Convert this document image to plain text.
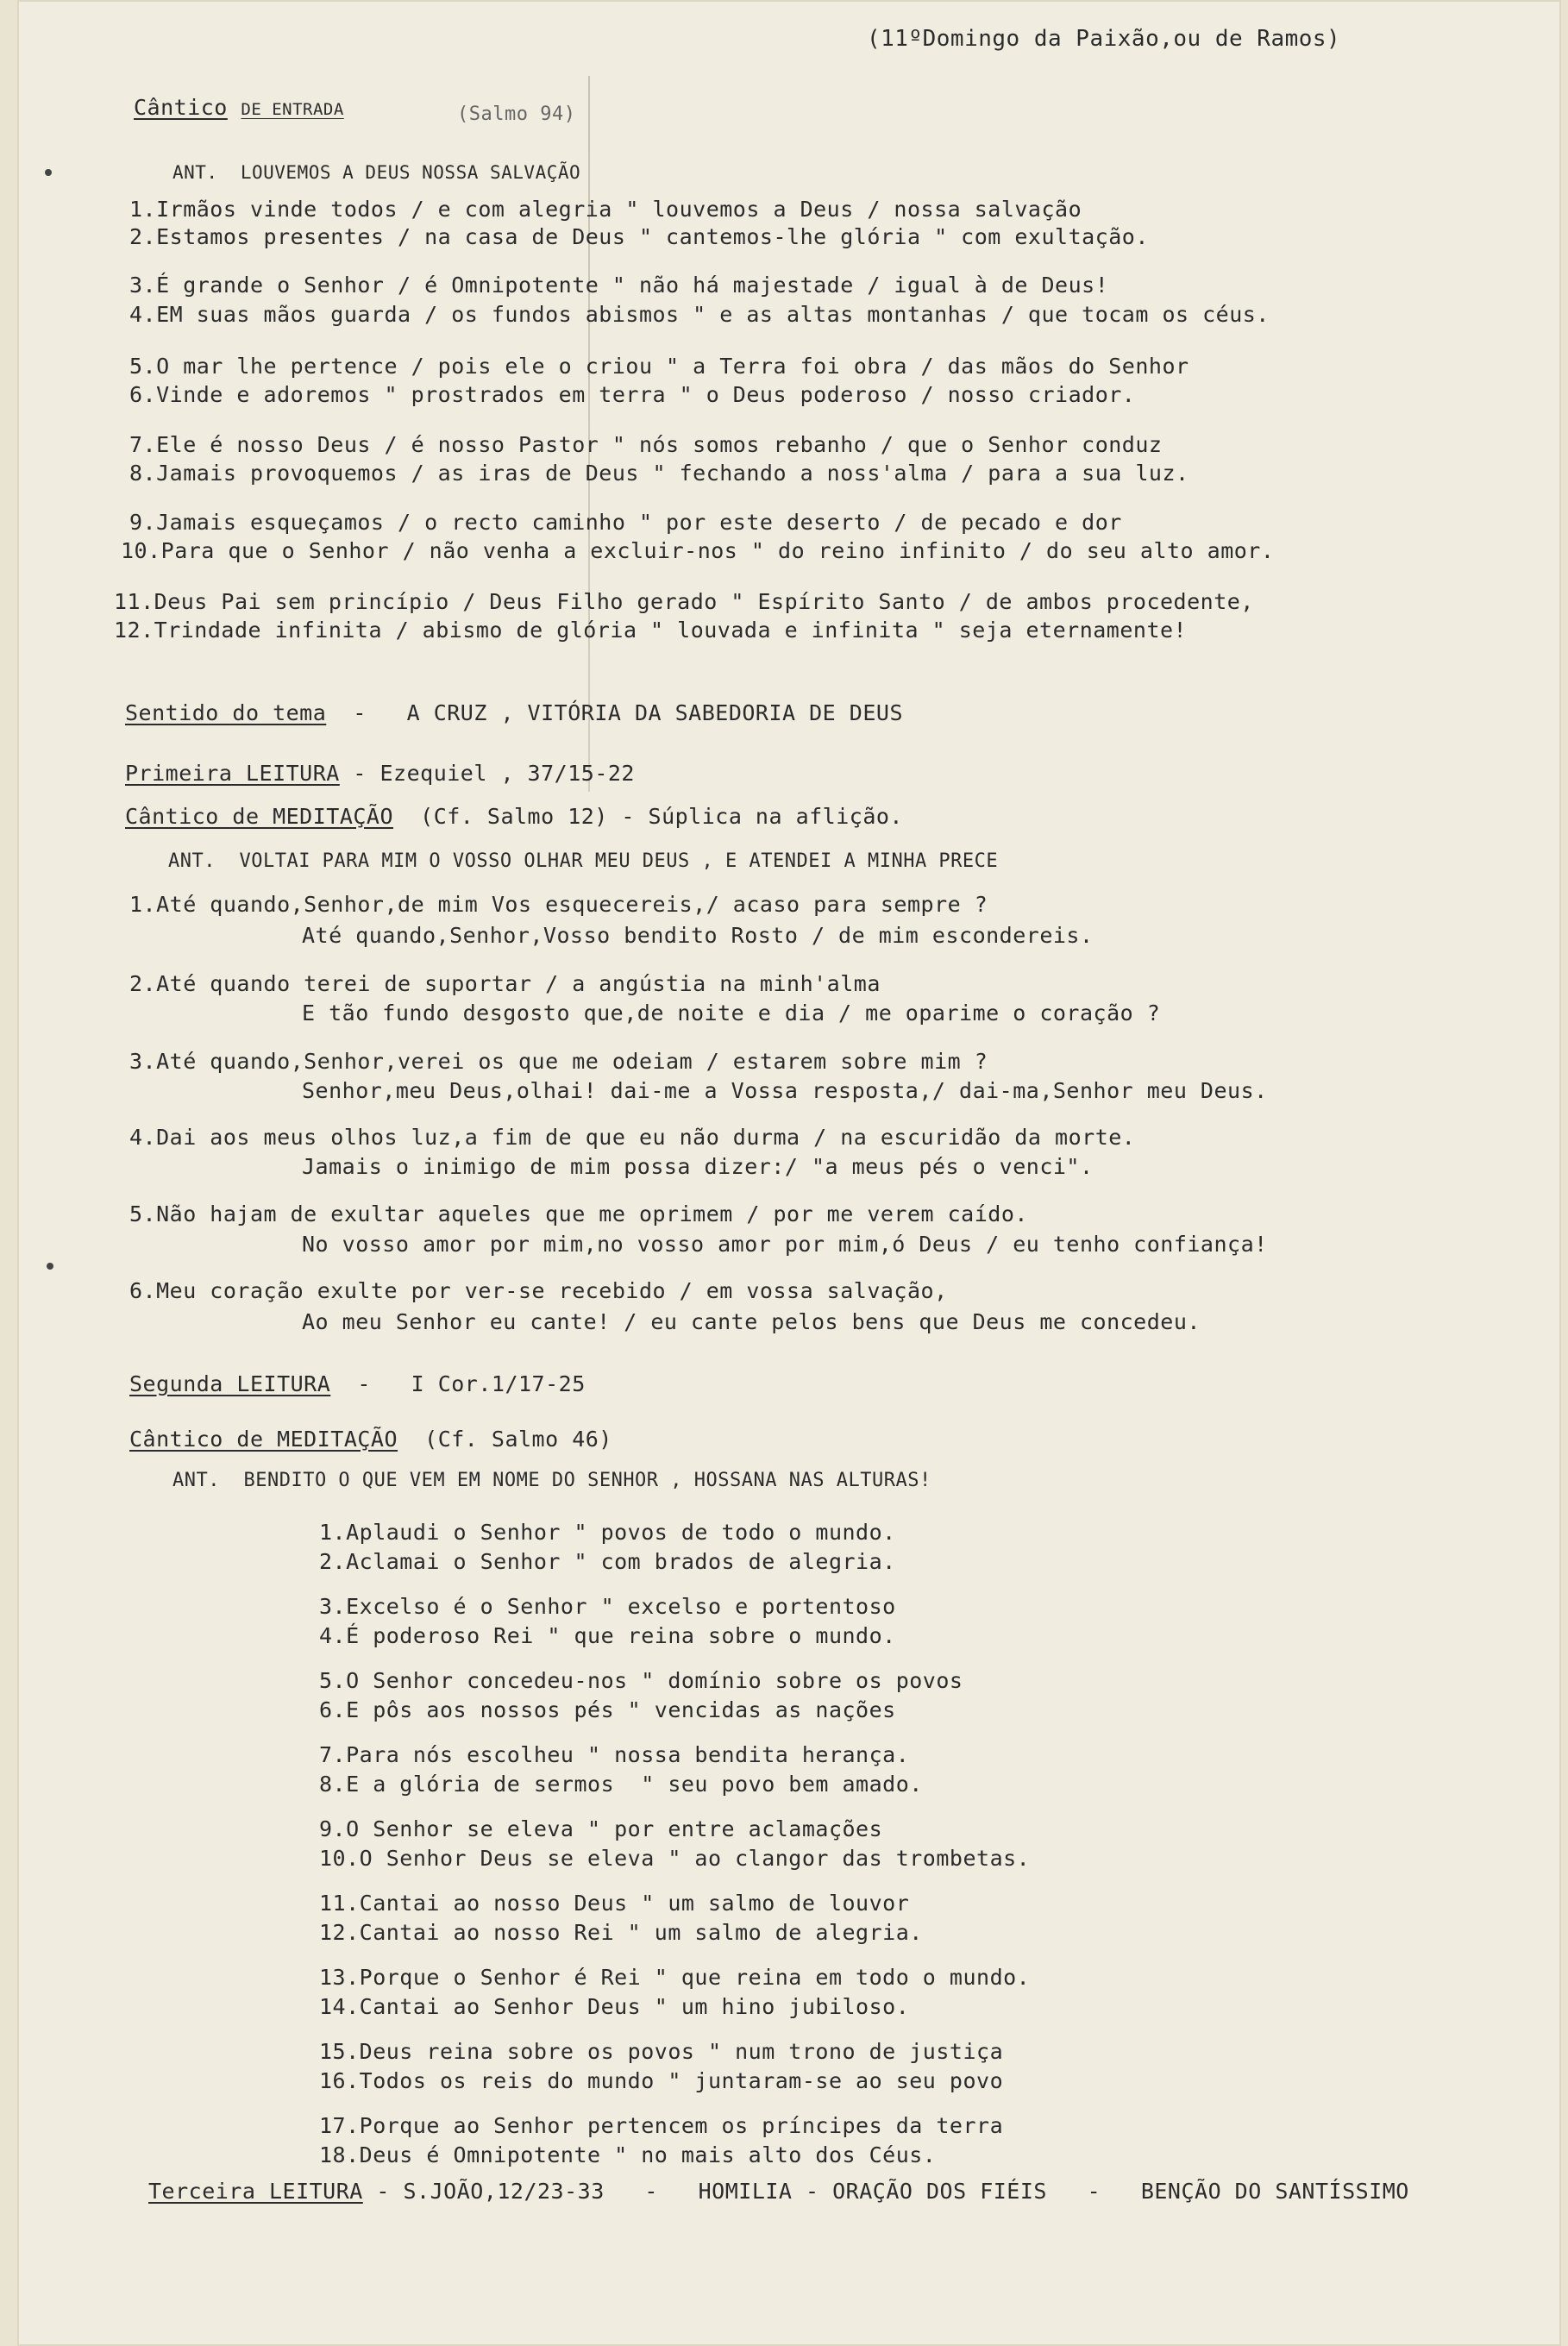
(11ºDomingo da Paixão,ou de Ramos)
Cântico DE ENTRADA	(Salmo 94)
ANT.  LOUVEMOS A DEUS NOSSA SALVAÇÃO
1.Irmãos vinde todos / e com alegria " louvemos a Deus / nossa salvação
2.Estamos presentes / na casa de Deus " cantemos-lhe glória " com exultação.
3.É grande o Senhor / é Omnipotente " não há majestade / igual à de Deus!
4.EM suas mãos guarda / os fundos abismos " e as altas montanhas / que tocam os céus.
5.O mar lhe pertence / pois ele o criou " a Terra foi obra / das mãos do Senhor
6.Vinde e adoremos " prostrados em terra " o Deus poderoso / nosso criador.
7.Ele é nosso Deus / é nosso Pastor " nós somos rebanho / que o Senhor conduz
8.Jamais provoquemos / as iras de Deus " fechando a noss'alma / para a sua luz.
9.Jamais esqueçamos / o recto caminho " por este deserto / de pecado e dor
10.Para que o Senhor / não venha a excluir-nos " do reino infinito / do seu alto amor.
11.Deus Pai sem princípio / Deus Filho gerado " Espírito Santo / de ambos procedente,
12.Trindade infinita / abismo de glória " louvada e infinita " seja eternamente!
Sentido do tema -   A CRUZ , VITÓRIA DA SABEDORIA DE DEUS
Primeira LEITURA - Ezequiel , 37/15-22
Cântico de MEDITAÇÃO (Cf. Salmo 12) - Súplica na aflição.
ANT.  VOLTAI PARA MIM O VOSSO OLHAR MEU DEUS , E ATENDEI A MINHA PRECE
1.Até quando,Senhor,de mim Vos esquecereis,/ acaso para sempre ?
Até quando,Senhor,Vosso bendito Rosto / de mim escondereis.
2.Até quando terei de suportar / a angústia na minh'alma
E tão fundo desgosto que,de noite e dia / me oparime o coração ?
3.Até quando,Senhor,verei os que me odeiam / estarem sobre mim ?
Senhor,meu Deus,olhai! dai-me a Vossa resposta,/ dai-ma,Senhor meu Deus.
4.Dai aos meus olhos luz,a fim de que eu não durma / na escuridão da morte.
Jamais o inimigo de mim possa dizer:/ "a meus pés o venci".
5.Não hajam de exultar aqueles que me oprimem / por me verem caído.
No vosso amor por mim,no vosso amor por mim,ó Deus / eu tenho confiança!
6.Meu coração exulte por ver-se recebido / em vossa salvação,
Ao meu Senhor eu cante! / eu cante pelos bens que Deus me concedeu.
Segunda LEITURA -   I Cor.1/17-25
Cântico de MEDITAÇÃO (Cf. Salmo 46)
ANT.  BENDITO O QUE VEM EM NOME DO SENHOR , HOSSANA NAS ALTURAS!
1.Aplaudi o Senhor " povos de todo o mundo.
2.Aclamai o Senhor " com brados de alegria.
3.Excelso é o Senhor " excelso e portentoso
4.É poderoso Rei " que reina sobre o mundo.
5.O Senhor concedeu-nos " domínio sobre os povos
6.E pôs aos nossos pés " vencidas as nações
7.Para nós escolheu " nossa bendita herança.
8.E a glória de sermos  " seu povo bem amado.
9.O Senhor se eleva " por entre aclamações
10.O Senhor Deus se eleva " ao clangor das trombetas.
11.Cantai ao nosso Deus " um salmo de louvor
12.Cantai ao nosso Rei " um salmo de alegria.
13.Porque o Senhor é Rei " que reina em todo o mundo.
14.Cantai ao Senhor Deus " um hino jubiloso.
15.Deus reina sobre os povos " num trono de justiça
16.Todos os reis do mundo " juntaram-se ao seu povo
17.Porque ao Senhor pertencem os príncipes da terra
18.Deus é Omnipotente " no mais alto dos Céus.
Terceira LEITURA - S.JOÃO,12/23-33   -   HOMILIA - ORAÇÃO DOS FIÉIS   -   BENÇÃO DO SANTÍSSIMO
